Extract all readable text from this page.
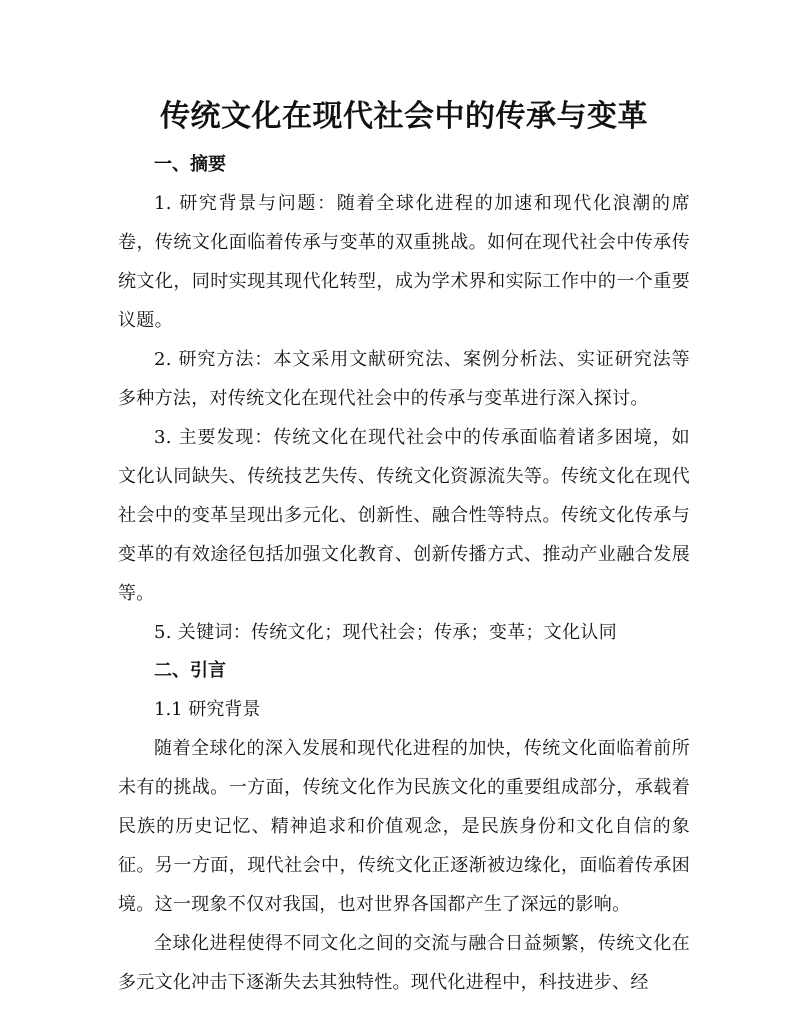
传统文化在现代社会中的传承与变革

一、摘要

1. 研究背景与问题：随着全球化进程的加速和现代化浪潮的席卷，传统文化面临着传承与变革的双重挑战。如何在现代社会中传承传统文化，同时实现其现代化转型，成为学术界和实际工作中的一个重要议题。

2. 研究方法：本文采用文献研究法、案例分析法、实证研究法等多种方法，对传统文化在现代社会中的传承与变革进行深入探讨。

3. 主要发现：传统文化在现代社会中的传承面临着诸多困境，如文化认同缺失、传统技艺失传、传统文化资源流失等。传统文化在现代社会中的变革呈现出多元化、创新性、融合性等特点。传统文化传承与变革的有效途径包括加强文化教育、创新传播方式、推动产业融合发展等。

5. 关键词：传统文化；现代社会；传承；变革；文化认同

二、引言

1.1 研究背景

随着全球化的深入发展和现代化进程的加快，传统文化面临着前所未有的挑战。一方面，传统文化作为民族文化的重要组成部分，承载着民族的历史记忆、精神追求和价值观念，是民族身份和文化自信的象征。另一方面，现代社会中，传统文化正逐渐被边缘化，面临着传承困境。这一现象不仅对我国，也对世界各国都产生了深远的影响。

全球化进程使得不同文化之间的交流与融合日益频繁，传统文化在多元文化冲击下逐渐失去其独特性。现代化进程中，科技进步、经
